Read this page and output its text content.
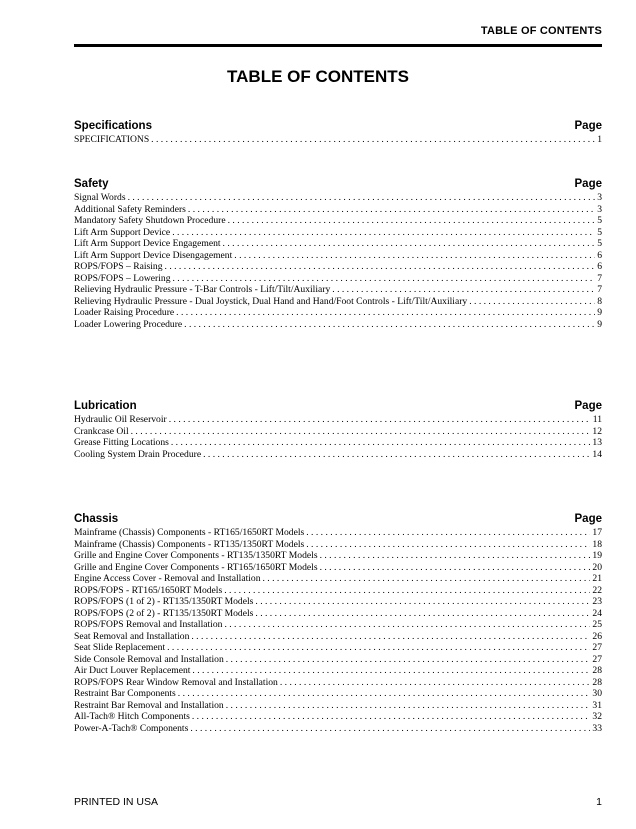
TABLE OF CONTENTS
TABLE OF CONTENTS
Specifications	Page
SPECIFICATIONS . . .	1
Safety	Page
Signal Words . . .	3
Additional Safety Reminders . . .	3
Mandatory Safety Shutdown Procedure . . .	5
Lift Arm Support Device . . .	5
Lift Arm Support Device Engagement . . .	5
Lift Arm Support Device Disengagement . . .	6
ROPS/FOPS – Raising . . .	6
ROPS/FOPS – Lowering . . .	7
Relieving Hydraulic Pressure - T-Bar Controls - Lift/Tilt/Auxiliary . . .	7
Relieving Hydraulic Pressure - Dual Joystick, Dual Hand and Hand/Foot Controls - Lift/Tilt/Auxiliary . . .	8
Loader Raising Procedure . . .	9
Loader Lowering Procedure . . .	9
Lubrication	Page
Hydraulic Oil Reservoir . . .	11
Crankcase Oil . . .	12
Grease Fitting Locations . . .	13
Cooling System Drain Procedure . . .	14
Chassis	Page
Mainframe (Chassis) Components - RT165/1650RT Models . . .	17
Mainframe (Chassis) Components - RT135/1350RT Models . . .	18
Grille and Engine Cover Components - RT135/1350RT Models . . .	19
Grille and Engine Cover Components - RT165/1650RT Models . . .	20
Engine Access Cover - Removal and Installation . . .	21
ROPS/FOPS - RT165/1650RT Models . . .	22
ROPS/FOPS (1 of 2) - RT135/1350RT Models . . .	23
ROPS/FOPS (2 of 2) - RT135/1350RT Models . . .	24
ROPS/FOPS Removal and Installation . . .	25
Seat Removal and Installation . . .	26
Seat Slide Replacement . . .	27
Side Console Removal and Installation . . .	27
Air Duct Louver Replacement . . .	28
ROPS/FOPS Rear Window Removal and Installation . . .	28
Restraint Bar Components . . .	30
Restraint Bar Removal and Installation . . .	31
All-Tach® Hitch Components . . .	32
Power-A-Tach® Components . . .	33
PRINTED IN USA	1
